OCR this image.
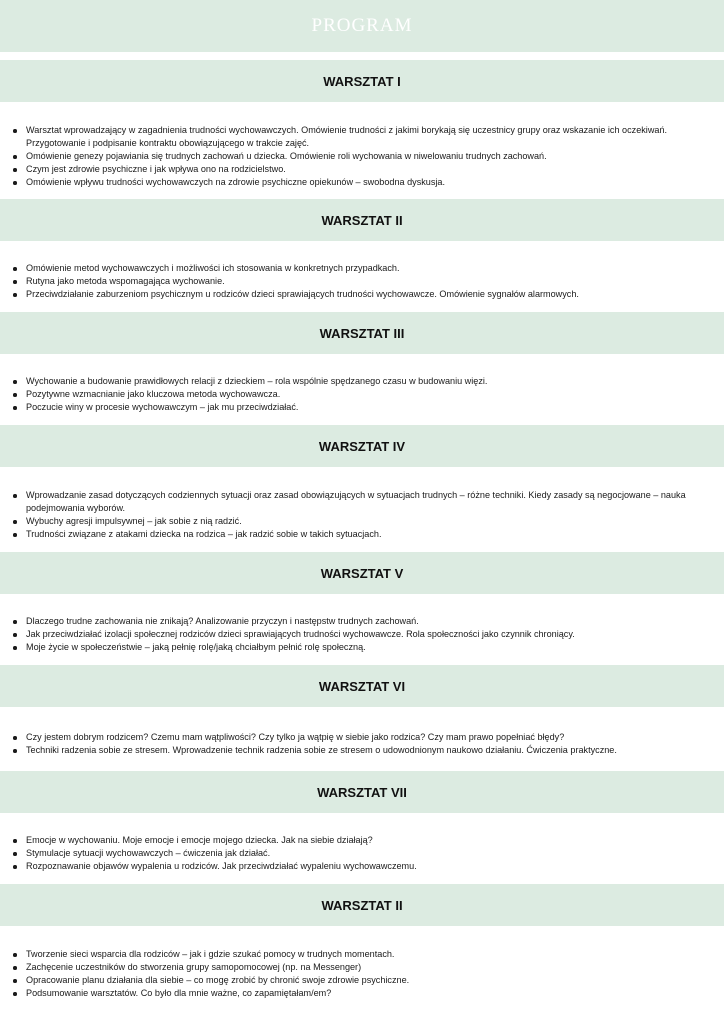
PROGRAM
WARSZTAT I
Warsztat wprowadzający w zagadnienia trudności wychowawczych. Omówienie trudności z jakimi borykają się uczestnicy grupy oraz wskazanie ich oczekiwań. Przygotowanie i podpisanie kontraktu obowiązującego w trakcie zajęć.
Omówienie genezy pojawiania się trudnych zachowań u dziecka. Omówienie roli wychowania w niwelowaniu trudnych zachowań.
Czym jest zdrowie psychiczne i jak wpływa ono na rodzicielstwo.
Omówienie wpływu trudności wychowawczych na zdrowie psychiczne opiekunów – swobodna dyskusja.
WARSZTAT II
Omówienie metod wychowawczych i możliwości ich stosowania w konkretnych przypadkach.
Rutyna jako metoda wspomagająca wychowanie.
Przeciwdziałanie zaburzeniom psychicznym u rodziców dzieci sprawiających trudności wychowawcze. Omówienie sygnałów alarmowych.
WARSZTAT III
Wychowanie a budowanie prawidłowych relacji z dzieckiem – rola wspólnie spędzanego czasu w budowaniu więzi.
Pozytywne wzmacnianie jako kluczowa metoda wychowawcza.
Poczucie winy w procesie wychowawczym – jak mu przeciwdziałać.
WARSZTAT IV
Wprowadzanie zasad dotyczących codziennych sytuacji oraz zasad obowiązujących w sytuacjach trudnych – różne techniki. Kiedy zasady są negocjowane – nauka podejmowania wyborów.
Wybuchy agresji impulsywnej – jak sobie z nią radzić.
Trudności związane z atakami dziecka na rodzica – jak radzić sobie w takich sytuacjach.
WARSZTAT V
Dlaczego trudne zachowania nie znikają? Analizowanie przyczyn i następstw trudnych zachowań.
Jak przeciwdziałać izolacji społecznej rodziców dzieci sprawiających trudności wychowawcze. Rola społeczności jako czynnik chroniący.
Moje życie w społeczeństwie – jaką pełnię rolę/jaką chciałbym pełnić rolę społeczną.
WARSZTAT VI
Czy jestem dobrym rodzicem? Czemu mam wątpliwości? Czy tylko ja wątpię w siebie jako rodzica? Czy mam prawo popełniać błędy?
Techniki radzenia sobie ze stresem. Wprowadzenie technik radzenia sobie ze stresem o udowodnionym naukowo działaniu. Ćwiczenia praktyczne.
WARSZTAT VII
Emocje w wychowaniu. Moje emocje i emocje mojego dziecka. Jak na siebie działają?
Stymulacje sytuacji wychowawczych – ćwiczenia jak działać.
Rozpoznawanie objawów wypalenia u rodziców. Jak przeciwdziałać wypaleniu wychowawczemu.
WARSZTAT II
Tworzenie sieci wsparcia dla rodziców – jak i gdzie szukać pomocy w trudnych momentach.
Zachęcenie uczestników do stworzenia grupy samopomocowej (np. na Messenger)
Opracowanie planu działania dla siebie – co mogę zrobić by chronić swoje zdrowie psychiczne.
Podsumowanie warsztatów. Co było dla mnie ważne, co zapamiętałam/em?
